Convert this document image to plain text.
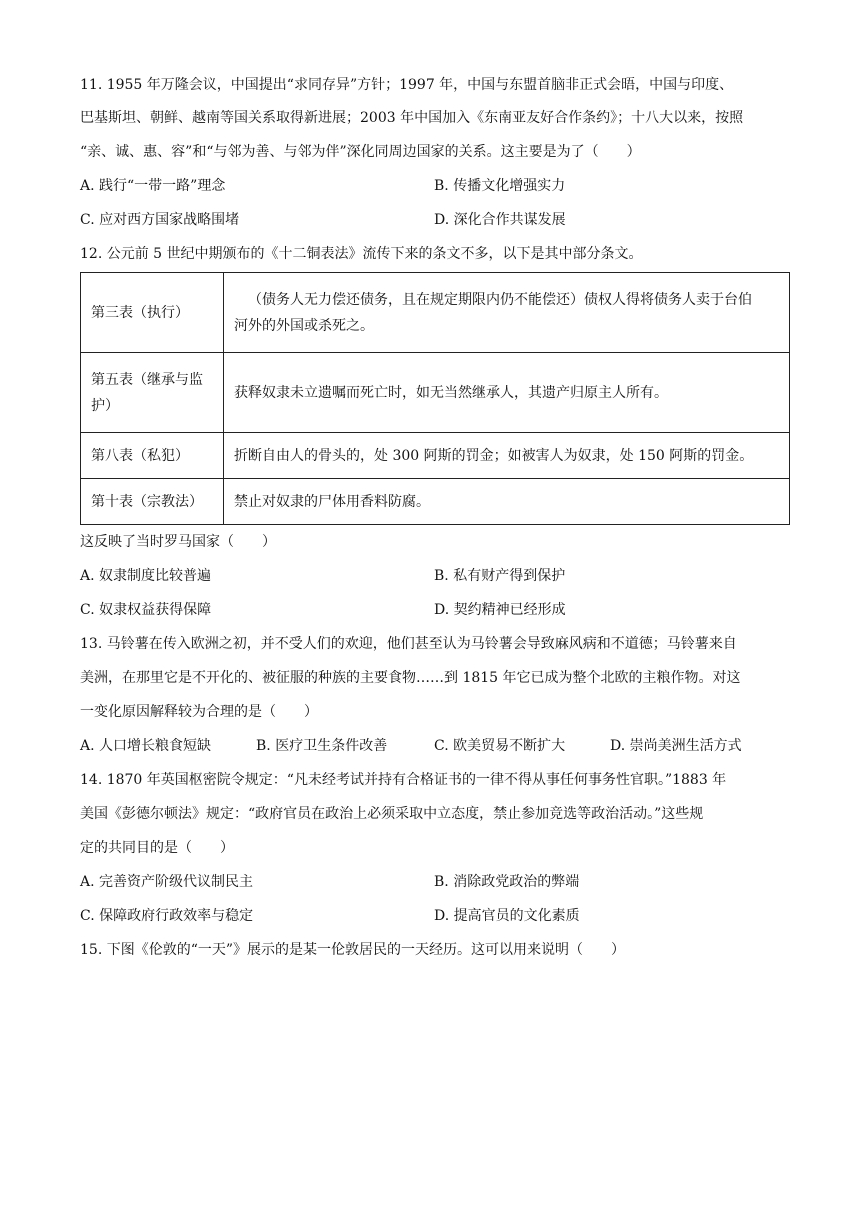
11. 1955 年万隆会议，中国提出“求同存异”方针；1997 年，中国与东盟首脑非正式会晤，中国与印度、
巴基斯坦、朝鲜、越南等国关系取得新进展；2003 年中国加入《东南亚友好合作条约》；十八大以来，按照
“亲、诚、惠、容”和“与邻为善、与邻为伴”深化同周边国家的关系。这主要是为了（　　）
A. 践行“一带一路”理念	B. 传播文化增强实力
C. 应对西方国家战略围堵	D. 深化合作共谋发展
12. 公元前 5 世纪中期颁布的《十二铜表法》流传下来的条文不多，以下是其中部分条文。
第三表（执行）	（债务人无力偿还债务，且在规定期限内仍不能偿还）债权人得将债务人卖于台伯
河外的外国或杀死之。

第五表（继承与监
护）	获释奴隶未立遗嘱而死亡时，如无当然继承人，其遗产归原主人所有。
第八表（私犯）	折断自由人的骨头的，处 300 阿斯的罚金；如被害人为奴隶，处 150 阿斯的罚金。
第十表（宗教法）	禁止对奴隶的尸体用香料防腐。
这反映了当时罗马国家（　　）
A. 奴隶制度比较普遍	B. 私有财产得到保护
C. 奴隶权益获得保障	D. 契约精神已经形成
13. 马铃薯在传入欧洲之初，并不受人们的欢迎，他们甚至认为马铃薯会导致麻风病和不道德；马铃薯来自
美洲，在那里它是不开化的、被征服的种族的主要食物……到 1815 年它已成为整个北欧的主粮作物。对这
一变化原因解释较为合理的是（　　）
A. 人口增长粮食短缺	B. 医疗卫生条件改善	C. 欧美贸易不断扩大	D. 崇尚美洲生活方式
14. 1870 年英国枢密院令规定：“凡未经考试并持有合格证书的一律不得从事任何事务性官职。”1883 年
美国《彭德尔顿法》规定：“政府官员在政治上必须采取中立态度，禁止参加竞选等政治活动。”这些规
定的共同目的是（　　）
A. 完善资产阶级代议制民主	B. 消除政党政治的弊端
C. 保障政府行政效率与稳定	D. 提高官员的文化素质
15. 下图《伦敦的“一天”》展示的是某一伦敦居民的一天经历。这可以用来说明（　　）
